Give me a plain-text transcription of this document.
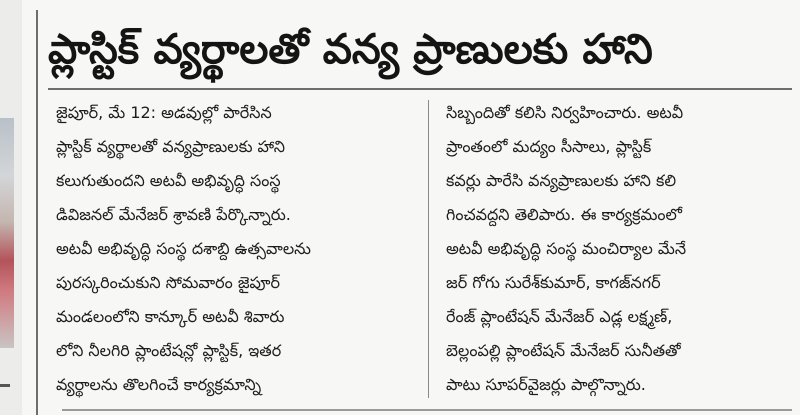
ప్లాస్టిక్ వ్యర్థాలతో వన్య ప్రాణులకు హాని
జైపూర్, మే 12: అడవుల్లో పారేసిన
ప్లాస్టిక్ వ్యర్థాలతో వన్యప్రాణులకు హాని
కలుగుతుందని అటవీ అభివృద్ధి సంస్థ
డివిజనల్ మేనేజర్ శ్రావణి పేర్కొన్నారు.
అటవీ అభివృద్ధి సంస్థ దశాబ్ది ఉత్సవాలను
పురస్కరించుకుని సోమవారం జైపూర్
మండలంలోని కాన్కూర్ అటవీ శివారు
లోని నీలగిరి ప్లాంటేషన్లో ప్లాస్టిక్, ఇతర
వ్యర్థాలను తొలగించే కార్యక్రమాన్ని
సిబ్బందితో కలిసి నిర్వహించారు. అటవీ
ప్రాంతంలో మద్యం సీసాలు, ప్లాస్టిక్
కవర్లు పారేసి వన్యప్రాణులకు హాని కలి
గించవద్దని తెలిపారు. ఈ కార్యక్రమంలో
అటవీ అభివృద్ధి సంస్థ మంచిర్యాల మేనే
జర్ గోగు సురేశ్‌కుమార్, కాగజ్‌నగర్
రేంజ్ ప్లాంటేషన్ మేనేజర్ ఎడ్ల లక్ష్మణ్,
బెల్లంపల్లి ప్లాంటేషన్ మేనేజర్ సునీతతో
పాటు సూపర్‌వైజర్లు పాల్గొన్నారు.
